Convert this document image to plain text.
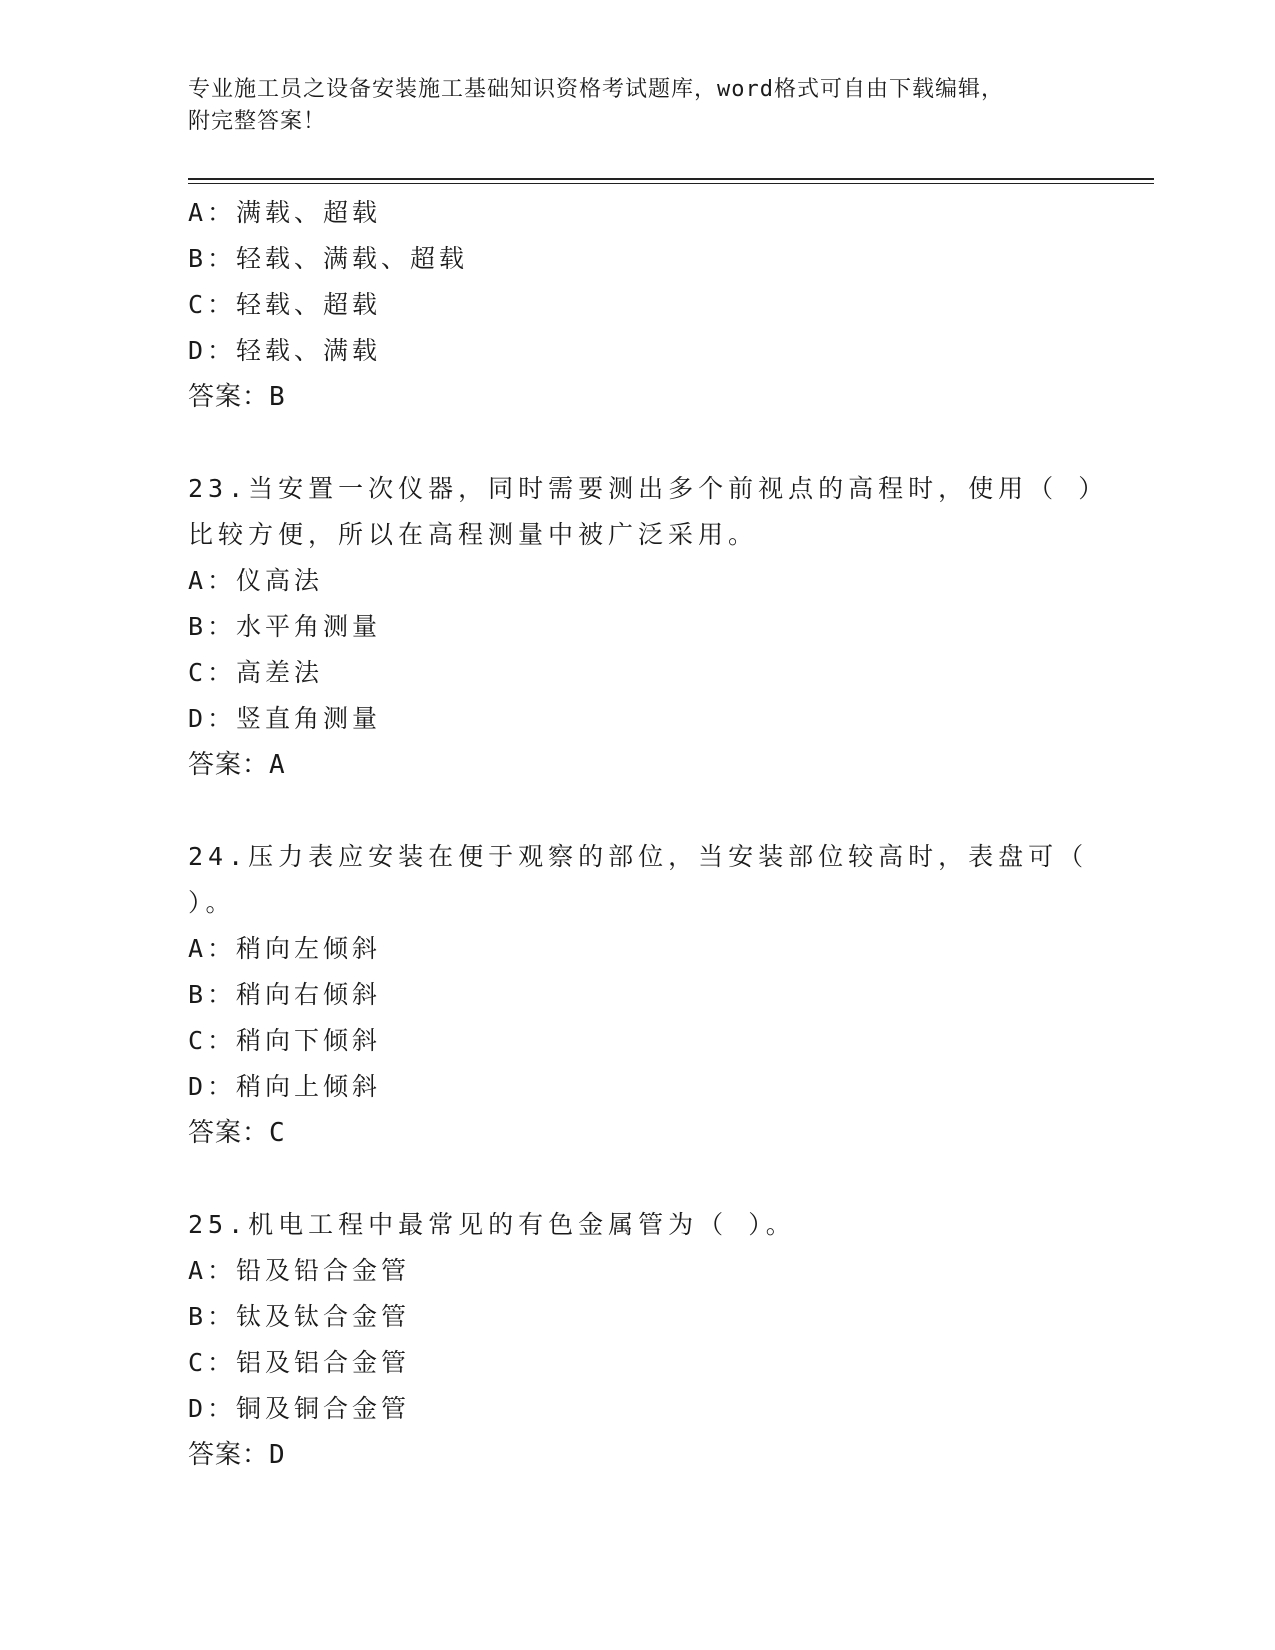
专业施工员之设备安装施工基础知识资格考试题库，word格式可自由下载编辑，
附完整答案！
A：满载、超载
B：轻载、满载、超载
C：轻载、超载
D：轻载、满载
答案：B
23.当安置一次仪器，同时需要测出多个前视点的高程时，使用（ ）
比较方便，所以在高程测量中被广泛采用。
A：仪高法
B：水平角测量
C：高差法
D：竖直角测量
答案：A
24.压力表应安装在便于观察的部位，当安装部位较高时，表盘可（
）。
A：稍向左倾斜
B：稍向右倾斜
C：稍向下倾斜
D：稍向上倾斜
答案：C
25.机电工程中最常见的有色金属管为（ ）。
A：铅及铅合金管
B：钛及钛合金管
C：铝及铝合金管
D：铜及铜合金管
答案：D
